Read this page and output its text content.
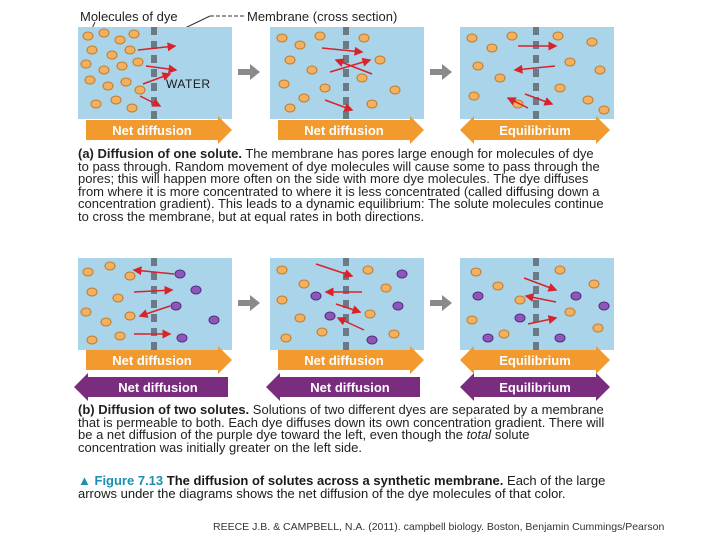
Molecules of dye	Membrane (cross section)
WATER
Net diffusion	Net diffusion	Equilibrium
Net diffusion	Net diffusion	Equilibrium
Net diffusion	Net diffusion	Equilibrium
(a) Diffusion of one solute. The membrane has pores large enough for molecules of dye to pass through. Random movement of dye molecules will cause some to pass through the pores; this will happen more often on the side with more dye molecules. The dye diffuses from where it is more concentrated to where it is less concentrated (called diffusing down a concentration gradient). This leads to a dynamic equilibrium: The solute molecules continue to cross the membrane, but at equal rates in both directions.
(b) Diffusion of two solutes. Solutions of two different dyes are separated by a membrane that is permeable to both. Each dye diffuses down its own concentration gradient. There will be a net diffusion of the purple dye toward the left, even though the total solute concentration was initially greater on the left side.
▲ Figure 7.13 The diffusion of solutes across a synthetic membrane. Each of the large arrows under the diagrams shows the net diffusion of the dye molecules of that color.
REECE J.B. & CAMPBELL, N.A. (2011). campbell biology. Boston, Benjamin Cummings/Pearson
